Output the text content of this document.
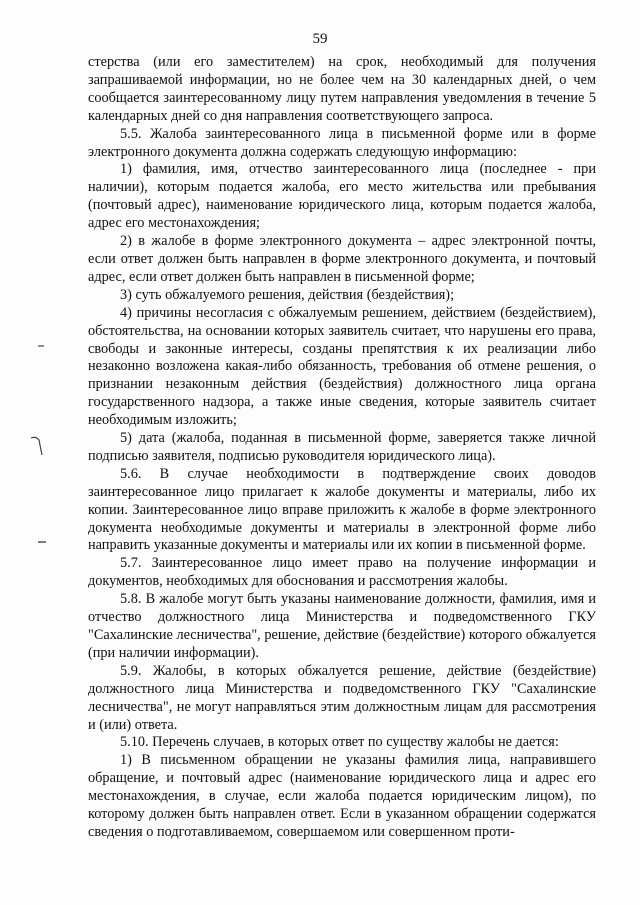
59

стерства (или его заместителем) на срок, необходимый для получения запрашиваемой информации, но не более чем на 30 календарных дней, о чем сообщается заинтересованному лицу путем направления уведомления в течение 5 календарных дней со дня направления соответствующего запроса.

5.5. Жалоба заинтересованного лица в письменной форме или в форме электронного документа должна содержать следующую информацию:

1) фамилия, имя, отчество заинтересованного лица (последнее - при наличии), которым подается жалоба, его место жительства или пребывания (почтовый адрес), наименование юридического лица, которым подается жалоба, адрес его местонахождения;

2) в жалобе в форме электронного документа – адрес электронной почты, если ответ должен быть направлен в форме электронного документа, и почтовый адрес, если ответ должен быть направлен в письменной форме;

3) суть обжалуемого решения, действия (бездействия);

4) причины несогласия с обжалуемым решением, действием (бездействием), обстоятельства, на основании которых заявитель считает, что нарушены его права, свободы и законные интересы, созданы препятствия к их реализации либо незаконно возложена какая-либо обязанность, требования об отмене решения, о признании незаконным действия (бездействия) должностного лица органа государственного надзора, а также иные сведения, которые заявитель считает необходимым изложить;

5) дата (жалоба, поданная в письменной форме, заверяется также личной подписью заявителя, подписью руководителя юридического лица).

5.6. В случае необходимости в подтверждение своих доводов заинтересованное лицо прилагает к жалобе документы и материалы, либо их копии. Заинтересованное лицо вправе приложить к жалобе в форме электронного документа необходимые документы и материалы в электронной форме либо направить указанные документы и материалы или их копии в письменной форме.

5.7. Заинтересованное лицо имеет право на получение информации и документов, необходимых для обоснования и рассмотрения жалобы.

5.8. В жалобе могут быть указаны наименование должности, фамилия, имя и отчество должностного лица Министерства и подведомственного ГКУ "Сахалинские лесничества", решение, действие (бездействие) которого обжалуется (при наличии информации).

5.9. Жалобы, в которых обжалуется решение, действие (бездействие) должностного лица Министерства и подведомственного ГКУ "Сахалинские лесничества", не могут направляться этим должностным лицам для рассмотрения и (или) ответа.

5.10. Перечень случаев, в которых ответ по существу жалобы не дается:

1) В письменном обращении не указаны фамилия лица, направившего обращение, и почтовый адрес (наименование юридического лица и адрес его местонахождения, в случае, если жалоба подается юридическим лицом), по которому должен быть направлен ответ. Если в указанном обращении содержатся сведения о подготавливаемом, совершаемом или совершенном проти-
